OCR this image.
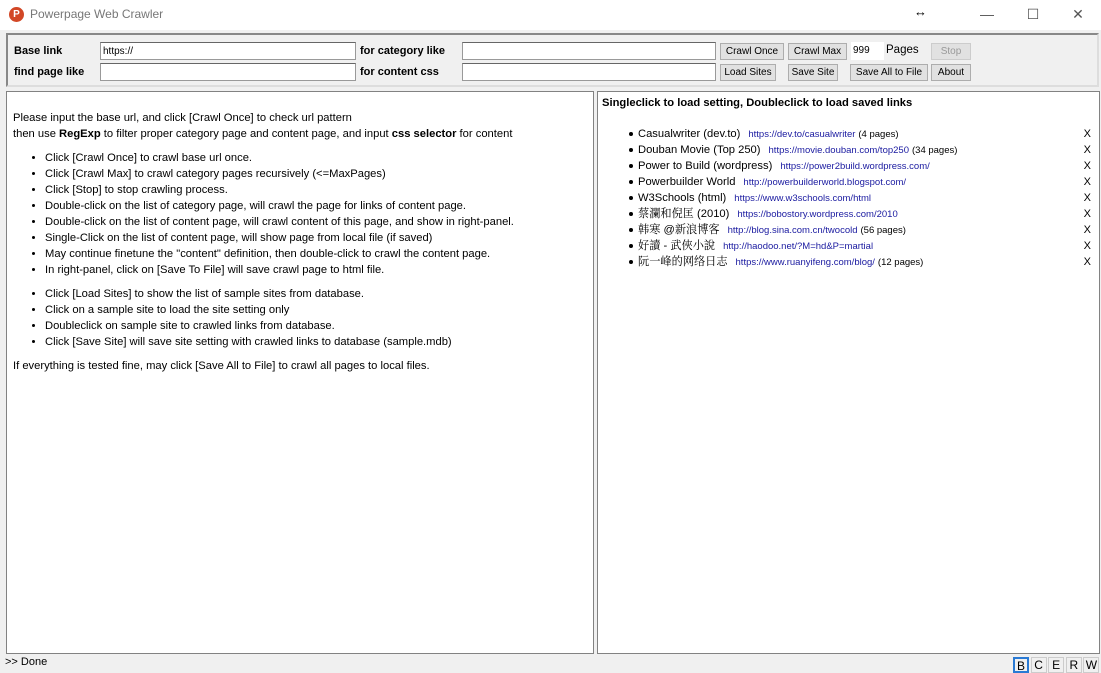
P Powerpage Web Crawler	↔	—	☐	✕
Base link	https://
find page like
for category like
for content css
Crawl Once	Crawl Max	999	Pages	Stop
Load Sites	Save Site	Save All to File	About
Please input the base url, and click [Crawl Once] to check url pattern
then use RegExp to filter proper category page and content page, and input css selector for content
• Click [Crawl Once] to crawl base url once.
• Click [Crawl Max] to crawl category pages recursively (<=MaxPages)
• Click [Stop] to stop crawling process.
• Double-click on the list of category page, will crawl the page for links of content page.
• Double-click on the list of content page, will crawl content of this page, and show in right-panel.
• Single-Click on the list of content page, will show page from local file (if saved)
• May continue finetune the "content" definition, then double-click to crawl the content page.
• In right-panel, click on [Save To File] will save crawl page to html file.
• Click [Load Sites] to show the list of sample sites from database.
• Click on a sample site to load the site setting only
• Doubleclick on sample site to crawled links from database.
• Click [Save Site] will save site setting with crawled links to database (sample.mdb)
If everything is tested fine, may click [Save All to File] to crawl all pages to local files.
Singleclick to load setting, Doubleclick to load saved links
Casualwriter (dev.to) https://dev.to/casualwriter (4 pages)	X
Douban Movie (Top 250) https://movie.douban.com/top250 (34 pages)	X
Power to Build (wordpress) https://power2build.wordpress.com/	X
Powerbuilder World http://powerbuilderworld.blogspot.com/	X
W3Schools (html) https://www.w3schools.com/html	X
蔡瀾和倪匡 (2010) https://bobostory.wordpress.com/2010	X
韩寒 @新浪博客 http://blog.sina.com.cn/twocold (56 pages)	X
好讀 - 武俠小說 http://haodoo.net/?M=hd&P=martial	X
阮一峰的网络日志 https://www.ruanyifeng.com/blog/ (12 pages)	X
>> Done	B C E R W
